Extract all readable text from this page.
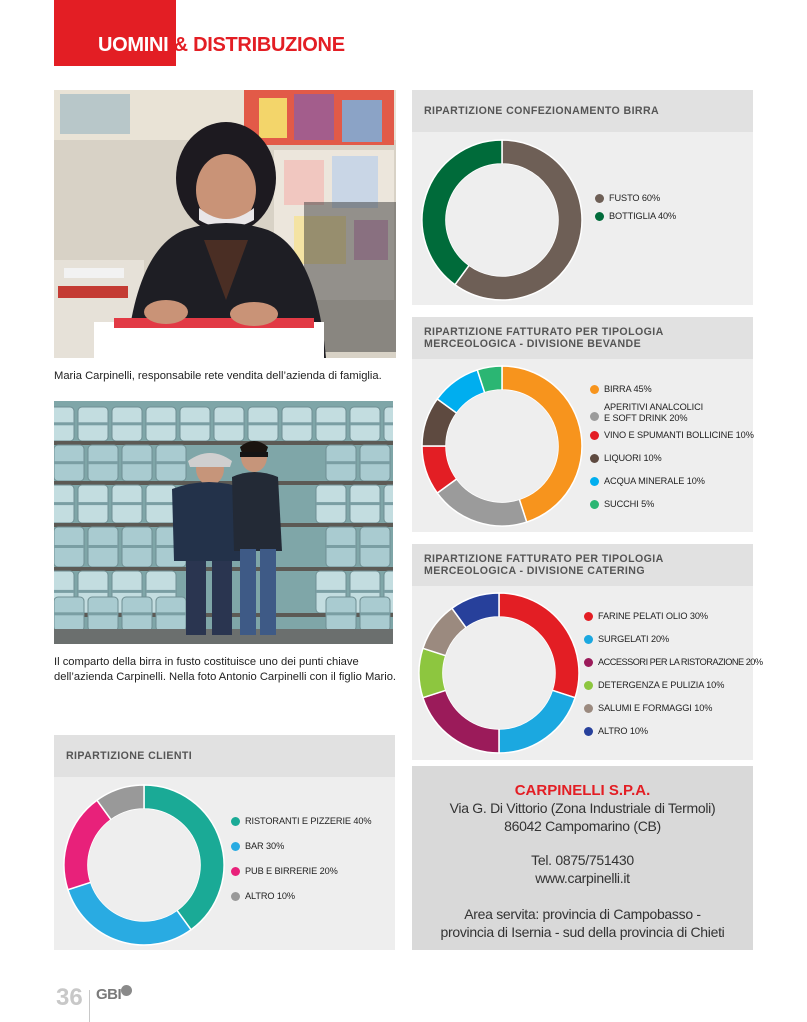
UOMINI & DISTRIBUZIONE
Maria Carpinelli, responsabile rete vendita dell’azienda di famiglia.
Il comparto della birra in fusto costituisce uno dei punti chiave dell’azienda Carpinelli. Nella foto Antonio Carpinelli con il figlio Mario.
RIPARTIZIONE CONFEZIONAMENTO BIRRA
FUSTO 60%
BOTTIGLIA 40%
RIPARTIZIONE FATTURATO PER TIPOLOGIA MERCEOLOGICA - DIVISIONE BEVANDE
BIRRA 45%
APERITIVI ANALCOLICI
E SOFT DRINK 20%
VINO E SPUMANTI BOLLICINE 10%
LIQUORI 10%
ACQUA MINERALE 10%
SUCCHI 5%
RIPARTIZIONE FATTURATO PER TIPOLOGIA MERCEOLOGICA - DIVISIONE CATERING
FARINE PELATI OLIO 30%
SURGELATI 20%
ACCESSORI PER LA RISTORAZIONE 20%
DETERGENZA E PULIZIA 10%
SALUMI E FORMAGGI 10%
ALTRO 10%
RIPARTIZIONE CLIENTI
RISTORANTI E PIZZERIE 40%
BAR 30%
PUB E BIRRERIE 20%
ALTRO 10%
CARPINELLI S.P.A.
Via G. Di Vittorio (Zona Industriale di Termoli)
86042 Campomarino (CB)
Tel. 0875/751430
www.carpinelli.it
Area servita: provincia di Campobasso -
provincia di Isernia - sud della provincia di Chieti
36 GBI
